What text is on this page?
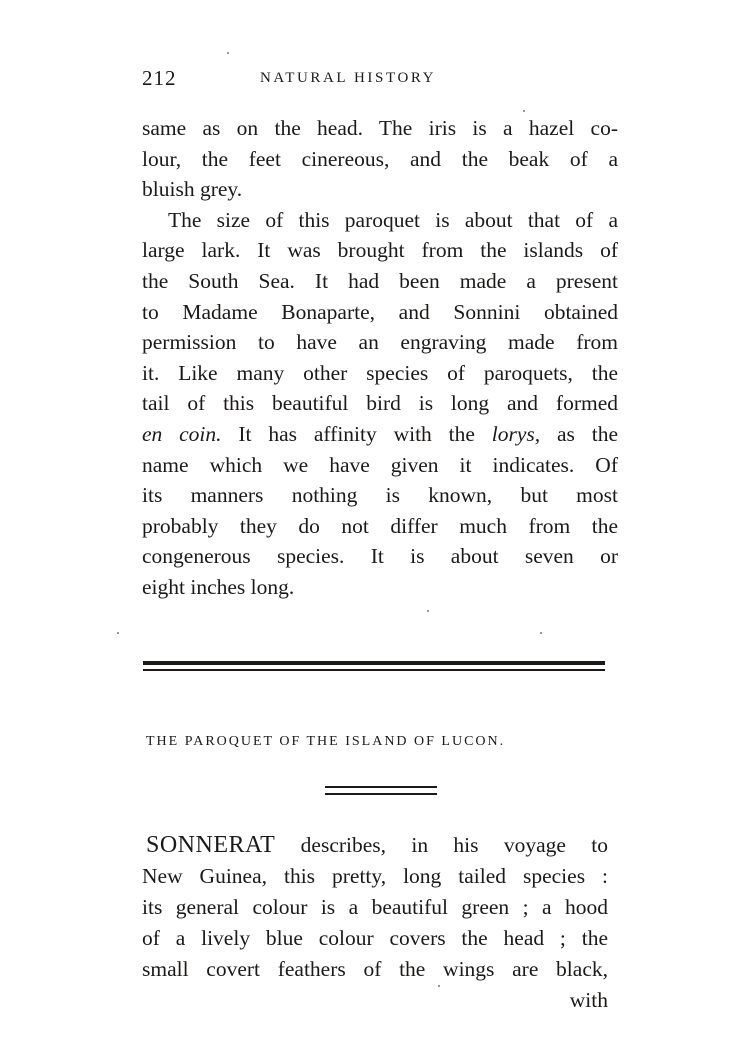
212	NATURAL HISTORY

same as on the head. The iris is a hazel co-
lour, the feet cinereous, and the beak of a
bluish grey.

The size of this paroquet is about that of a
large lark. It was brought from the islands of
the South Sea. It had been made a present
to Madame Bonaparte, and Sonnini obtained
permission to have an engraving made from
it. Like many other species of paroquets, the
tail of this beautiful bird is long and formed
en coin. It has affinity with the lorys, as the
name which we have given it indicates. Of
its manners nothing is known, but most
probably they do not differ much from the
congenerous species. It is about seven or
eight inches long.

THE PAROQUET OF THE ISLAND OF LUCON.

SONNERAT describes, in his voyage to
New Guinea, this pretty, long tailed species :
its general colour is a beautiful green ; a hood
of a lively blue colour covers the head ; the
small covert feathers of the wings are black,
with
